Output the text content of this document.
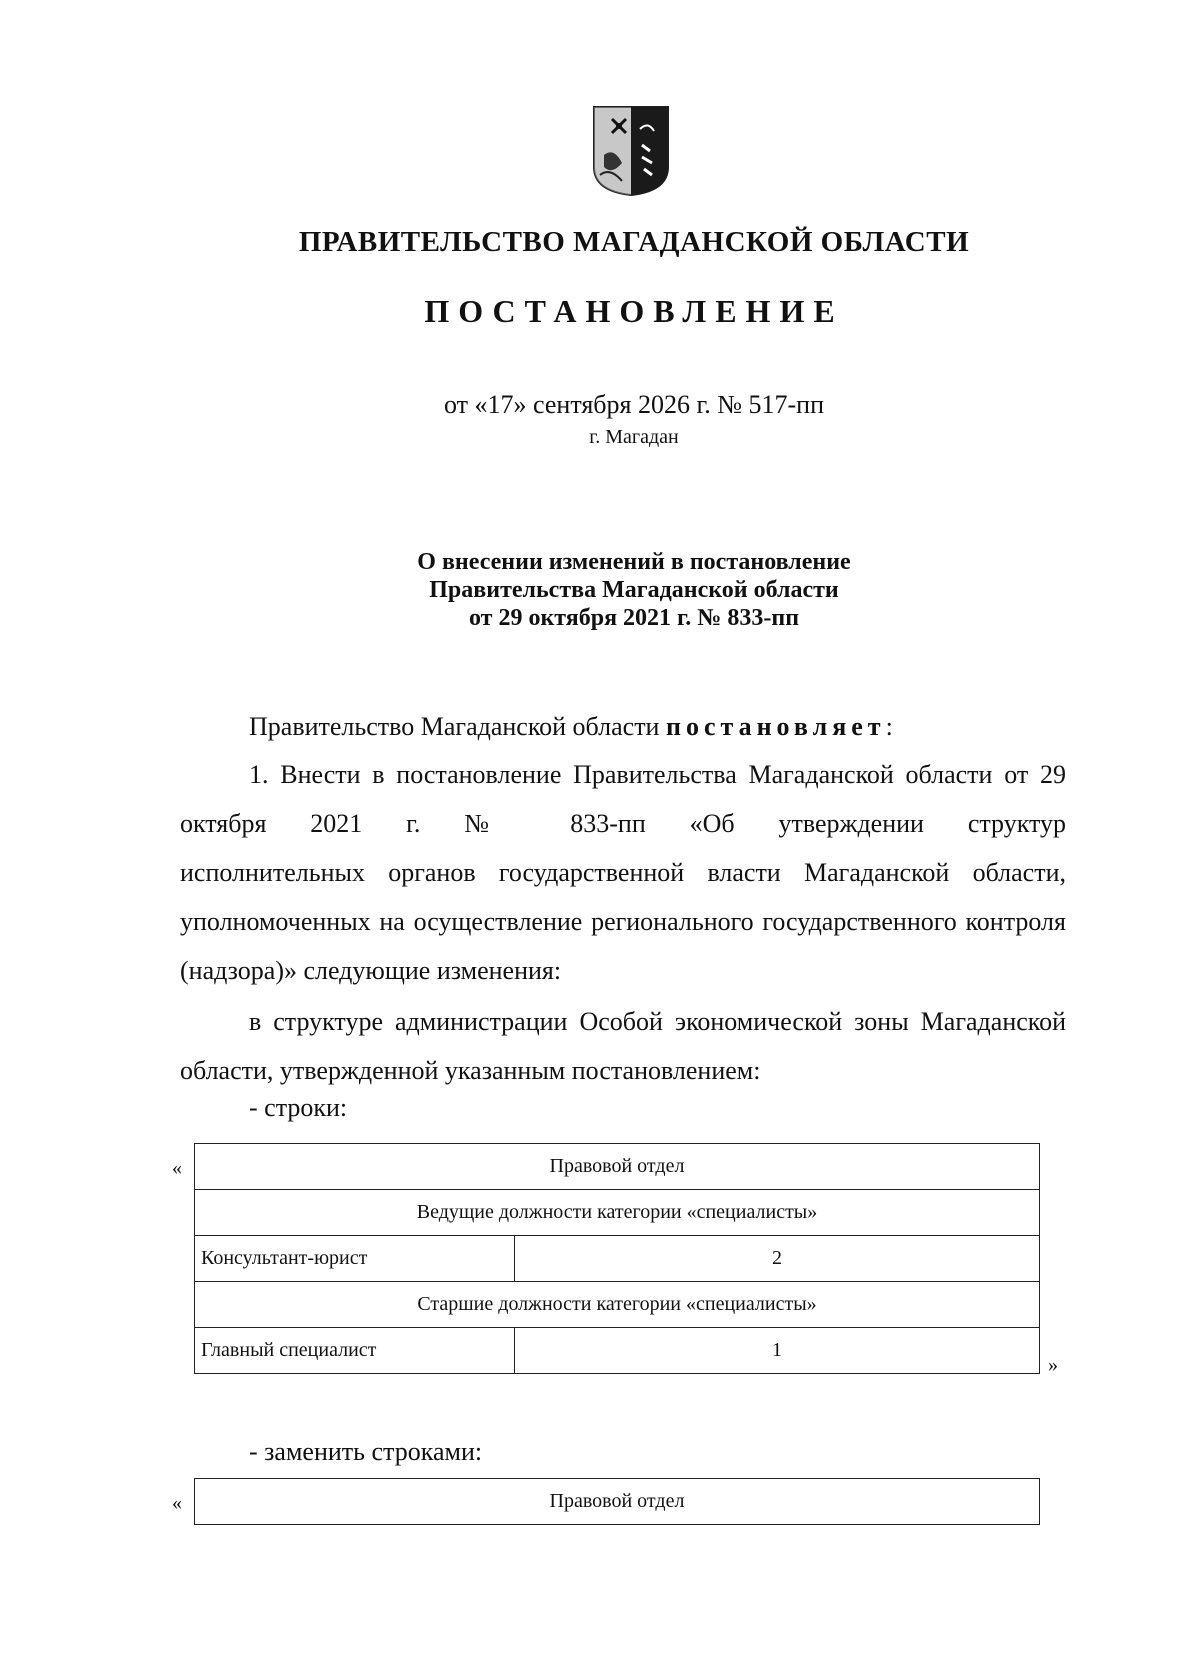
ПРАВИТЕЛЬСТВО МАГАДАНСКОЙ ОБЛАСТИ
ПОСТАНОВЛЕНИЕ
от «17» сентября 2026 г. № 517-пп
г. Магадан
О внесении изменений в постановление
Правительства Магаданской области
от 29 октября 2021 г. № 833-пп
Правительство Магаданской области постановляет:
1. Внести в постановление Правительства Магаданской области от 29 октября 2021 г. № 833-пп «Об утверждении структур
исполнительных органов государственной власти Магаданской области, уполномоченных на осуществление регионального государственного контроля (надзора)» следующие изменения:
в структуре администрации Особой экономической зоны Магаданской области, утвержденной указанным постановлением:
- строки:
«	Правовой отдел	
Ведущие должности категории «специалисты»	
Консультант-юрист	2
Старшие должности категории «специалисты»	
Главный специалист	1
»
- заменить строками:
«	Правовой отдел
